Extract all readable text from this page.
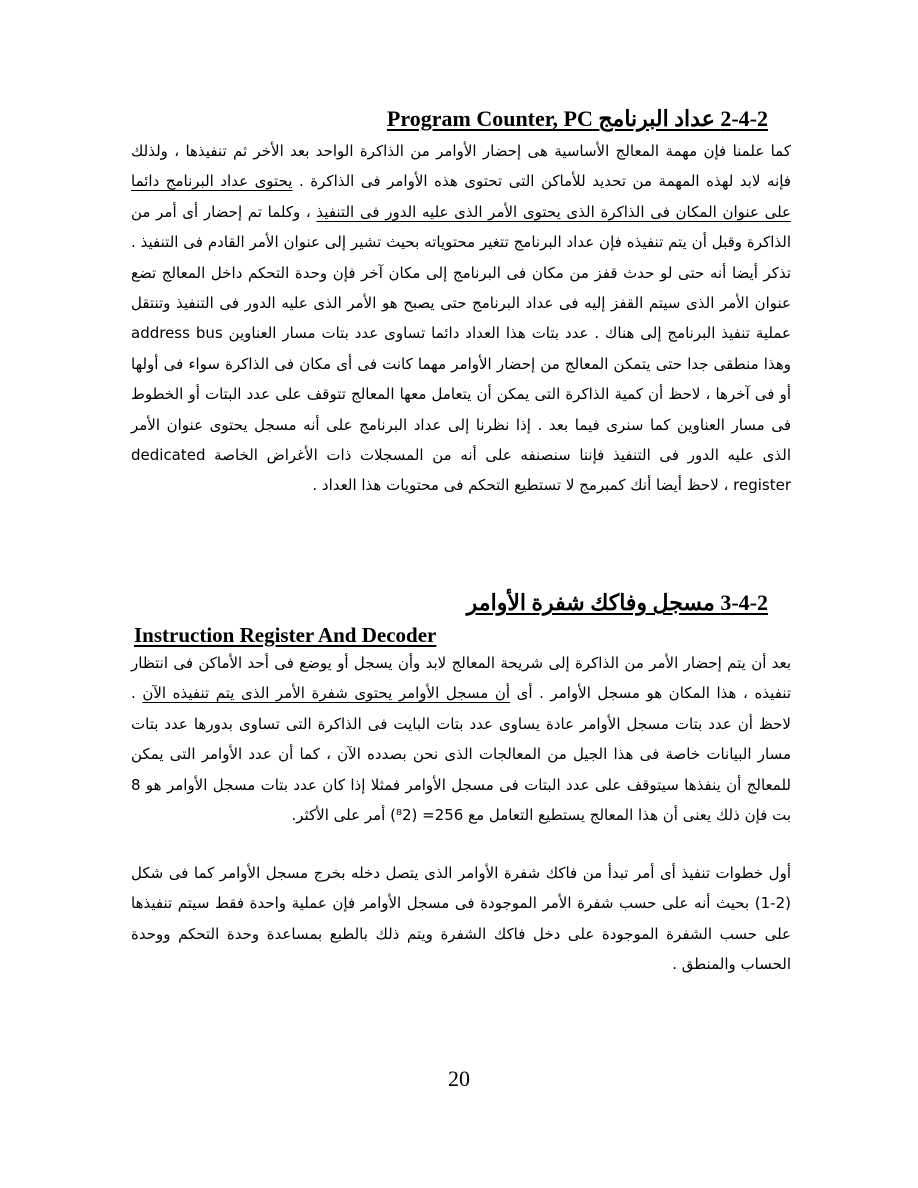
2-4-2 عداد البرنامج Program Counter, PC
كما علمنا فإن مهمة المعالج الأساسية هى إحضار الأوامر من الذاكرة الواحد بعد الأخر ثم تنفيذها ، ولذلك فإنه لابد لهذه المهمة من تحديد للأماكن التى تحتوى هذه الأوامر فى الذاكرة . يحتوى عداد البرنامج دائما على عنوان المكان فى الذاكرة الذى يحتوى الأمر الذى عليه الدور فى التنفيذ ، وكلما تم إحضار أى أمر من الذاكرة وقبل أن يتم تنفيذه فإن عداد البرنامج تتغير محتوياته بحيث تشير إلى عنوان الأمر القادم فى التنفيذ . تذكر أيضا أنه حتى لو حدث قفز من مكان فى البرنامج إلى مكان آخر فإن وحدة التحكم داخل المعالج تضع عنوان الأمر الذى سيتم القفز إليه فى عداد البرنامج حتى يصبح هو الأمر الذى عليه الدور فى التنفيذ وتنتقل عملية تنفيذ البرنامج إلى هناك . عدد بتات هذا العداد دائما تساوى عدد بتات مسار العناوين address bus وهذا منطقى جدا حتى يتمكن المعالج من إحضار الأوامر مهما كانت فى أى مكان فى الذاكرة سواء فى أولها أو فى آخرها ، لاحظ أن كمية الذاكرة التى يمكن أن يتعامل معها المعالج تتوقف على عدد البتات أو الخطوط فى مسار العناوين كما سنرى فيما بعد . إذا نظرنا إلى عداد البرنامج على أنه مسجل يحتوى عنوان الأمر الذى عليه الدور فى التنفيذ فإننا سنصنفه على أنه من المسجلات ذات الأغراض الخاصة dedicated register ، لاحظ أيضا أنك كمبرمج لا تستطيع التحكم فى محتويات هذا العداد .
3-4-2 مسجل وفاكك شفرة الأوامر
Instruction Register And Decoder
بعد أن يتم إحضار الأمر من الذاكرة إلى شريحة المعالج لابد وأن يسجل أو يوضع فى أحد الأماكن فى انتظار تنفيذه ، هذا المكان هو مسجل الأوامر . أى أن مسجل الأوامر يحتوى شفرة الأمر الذى يتم تنفيذه الآن . لاحظ أن عدد بتات مسجل الأوامر عادة يساوى عدد بتات البايت فى الذاكرة التى تساوى بدورها عدد بتات مسار البيانات خاصة فى هذا الجيل من المعالجات الذى نحن بصدده الآن ، كما أن عدد الأوامر التى يمكن للمعالج أن ينفذها سيتوقف على عدد البتات فى مسجل الأوامر فمثلا إذا كان عدد بتات مسجل الأوامر هو 8 بت فإن ذلك يعنى أن هذا المعالج يستطيع التعامل مع 256= (⁸2) أمر على الأكثر.
أول خطوات تنفيذ أى أمر تبدأ من فاكك شفرة الأوامر الذى يتصل دخله بخرج مسجل الأوامر كما فى شكل (2-1) بحيث أنه على حسب شفرة الأمر الموجودة فى مسجل الأوامر فإن عملية واحدة فقط سيتم تنفيذها على حسب الشفرة الموجودة على دخل فاكك الشفرة ويتم ذلك بالطبع بمساعدة وحدة التحكم ووحدة الحساب والمنطق .
20
